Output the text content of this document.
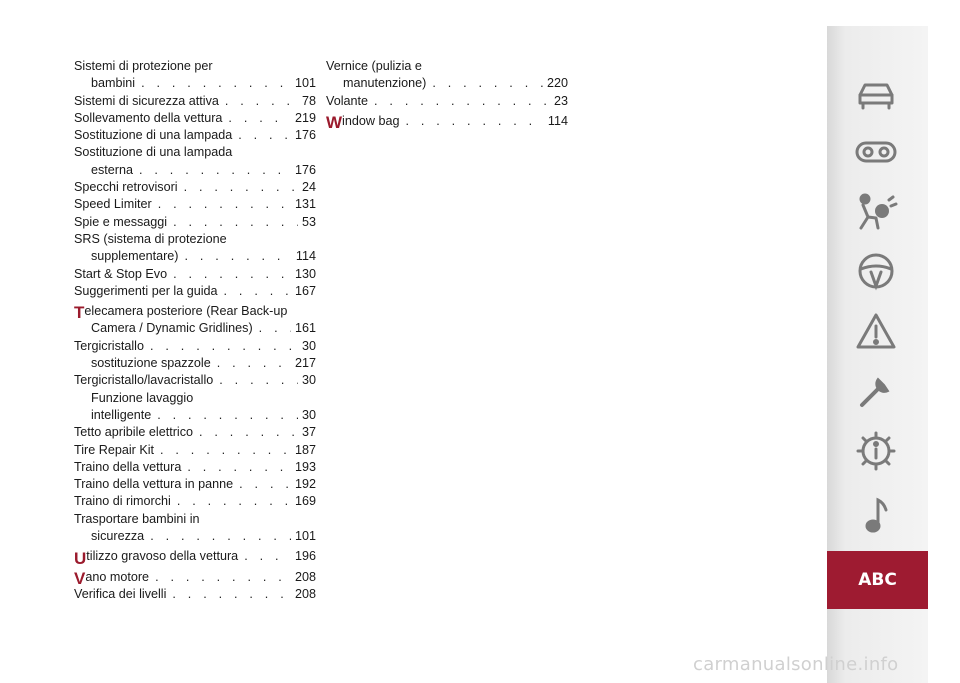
Sistemi di protezione per
bambini . . .	101
Sistemi di sicurezza attiva . . .	78
Sollevamento della vettura . . .	219
Sostituzione di una lampada . . .	176
Sostituzione di una lampada
esterna . . .	176
Specchi retrovisori . . .	24
Speed Limiter . . .	131
Spie e messaggi . . .	53
SRS (sistema di protezione
supplementare) . . .	114
Start & Stop Evo . . .	130
Suggerimenti per la guida . . .	167
T elecamera posteriore (Rear Back-up
Camera / Dynamic Gridlines) . . .	161
Tergicristallo . . .	30
sostituzione spazzole . . .	217
Tergicristallo/lavacristallo . . .	30
Funzione lavaggio
intelligente . . .	30
Tetto apribile elettrico . . .	37
Tire Repair Kit . . .	187
Traino della vettura . . .	193
Traino della vettura in panne . . .	192
Traino di rimorchi . . .	169
Trasportare bambini in
sicurezza . . .	101
U tilizzo gravoso della vettura . . .	196
V ano motore . . .	208
Verifica dei livelli . . .	208
Vernice (pulizia e
manutenzione) . . .	220
Volante . . .	23
W indow bag . . .	114
ABC
carmanualsonline.info
